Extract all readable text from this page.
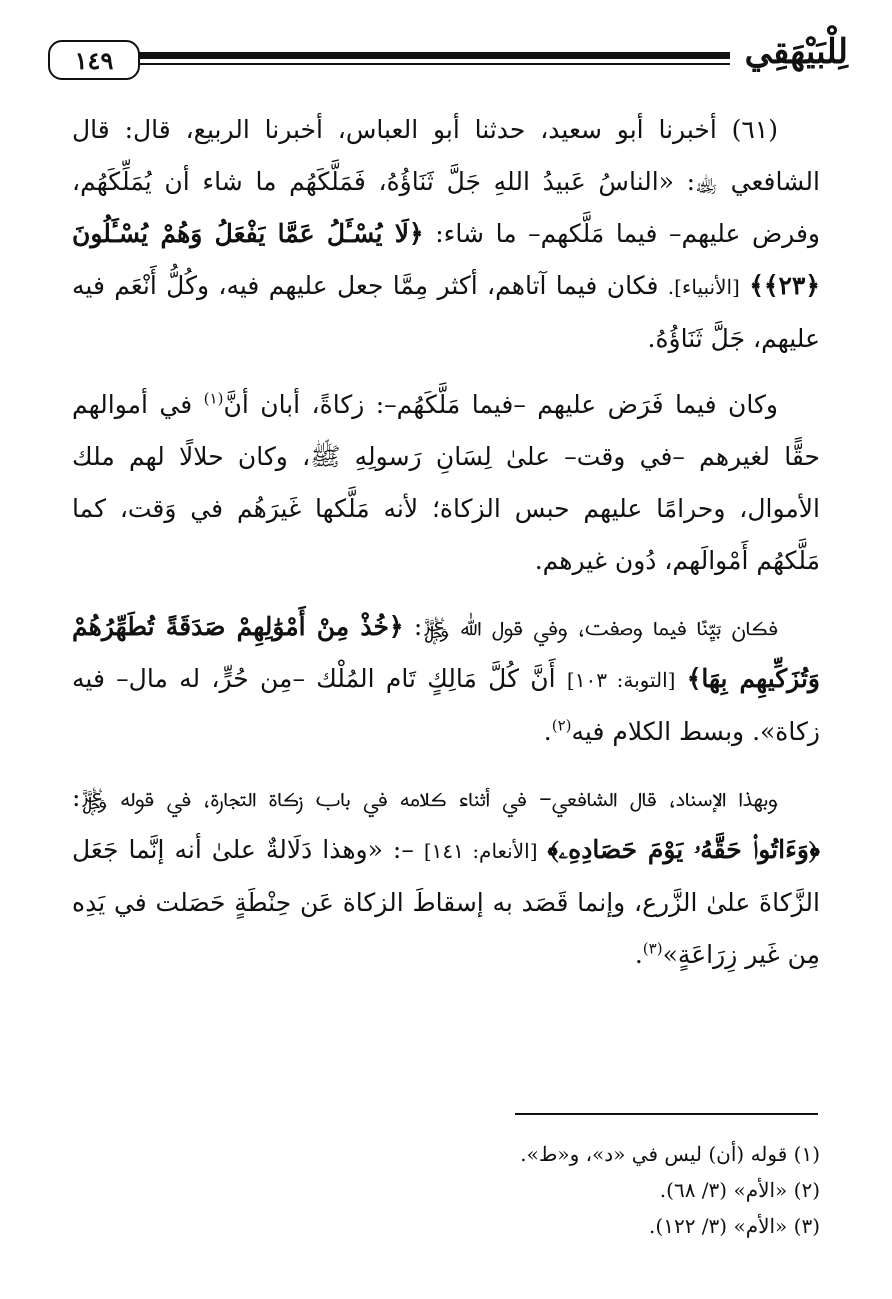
١٤٩	لِلْبَيْهَقِي

(٦١) أخبرنا أبو سعيد، حدثنا أبو العباس، أخبرنا الربيع، قال: قال الشافعي ﵀: «الناسُ عَبيدُ اللهِ جَلَّ ثَنَاؤُهُ، فَمَلَّكَهُم ما شاء أن يُمَلِّكَهُم، وفرض عليهم– فيما مَلَّكهم– ما شاء: ﴿لَا يُسْـَٔلُ عَمَّا يَفْعَلُ وَهُمْ يُسْـَٔلُونَ ﴿٢٣﴾﴾ [الأنبياء]. فكان فيما آتاهم، أكثر مِمَّا جعل عليهم فيه، وكُلُّ أَنْعَم فيه عليهم، جَلَّ ثَنَاؤُهُ.

وكان فيما فَرَض عليهم –فيما مَلَّكَهُم–: زكاةً، أبان أنَّ$^{(١)}$ في أموالهم حقًّا لغيرهم –في وقت– علىٰ لِسَانِ رَسولِهِ ﷺ، وكان حلالًا لهم ملك الأموال، وحرامًا عليهم حبس الزكاة؛ لأنه مَلَّكها غَيرَهُم في وَقت، كما مَلَّكهُم أَمْوالَهم، دُون غيرهم.

فكان بَيِّنًا فيما وصفت، وفي قول الله ﷿: ﴿خُذْ مِنْ أَمْوَٰلِهِمْ صَدَقَةً تُطَهِّرُهُمْ وَتُزَكِّيهِم بِهَا﴾ [التوبة: ١٠٣] أَنَّ كُلَّ مَالِكٍ تَام المُلْك –مِن حُرٍّ، له مال– فيه زكاة». وبسط الكلام فيه$^{(٢)}$.

وبهذا الإسناد، قال الشافعي– في أثناء كلامه في باب زكاة التجارة، في قوله ﷿: ﴿وَءَاتُوا۟ حَقَّهُۥ يَوْمَ حَصَادِهِۦ﴾ [الأنعام: ١٤١] –: «وهذا دَلَالةٌ علىٰ أنه إنَّما جَعَل الزَّكاةَ علىٰ الزَّرع، وإنما قَصَد به إسقاطَ الزكاة عَن حِنْطَةٍ حَصَلت في يَدِه مِن غَير زِرَاعَةٍ»$^{(٣)}$.

(١) قوله (أن) ليس في «د»، و«ط».
(٢) «الأم» (٣/ ٦٨).
(٣) «الأم» (٣/ ١٢٢).
